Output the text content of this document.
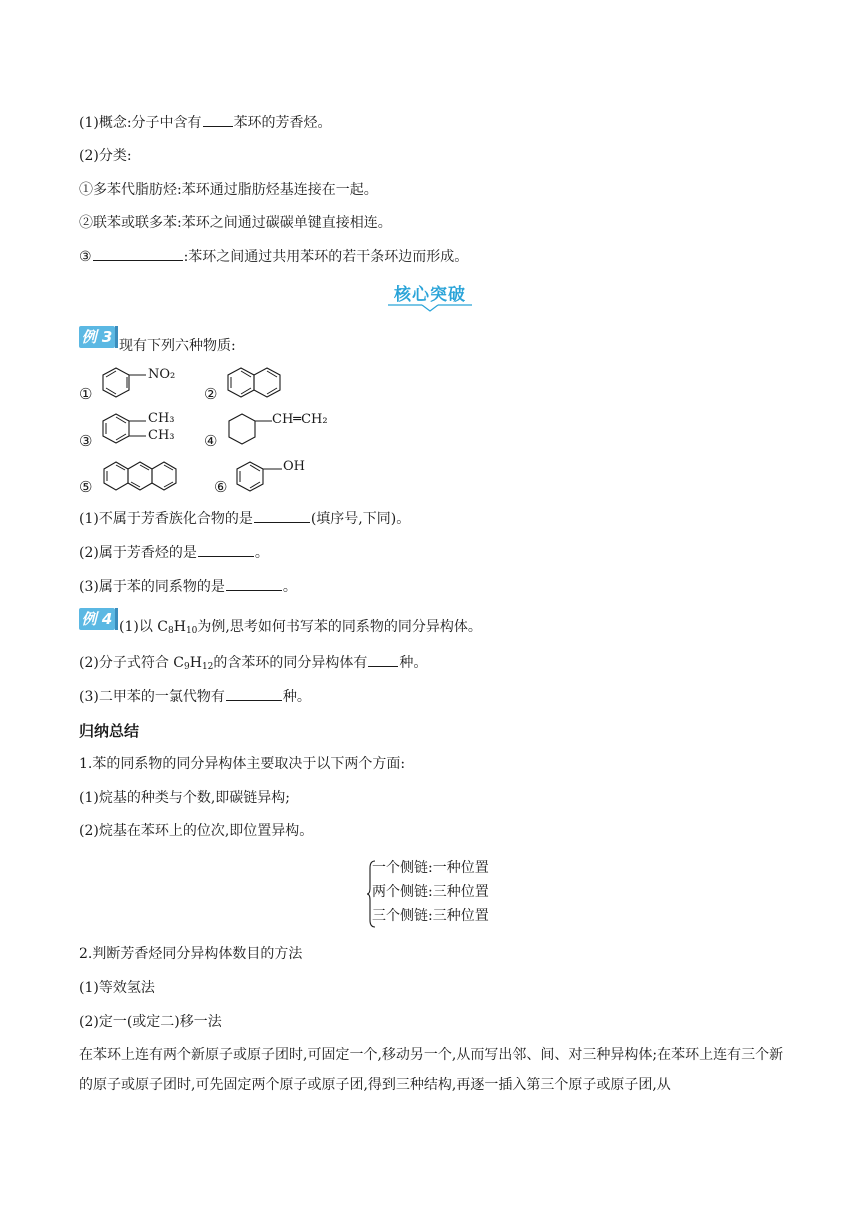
(1)概念:分子中含有 苯环的芳香烃。
(2)分类:
①多苯代脂肪烃:苯环通过脂肪烃基连接在一起。
②联苯或联多苯:苯环之间通过碳碳单键直接相连。
③	:苯环之间通过共用苯环的若干条环边而形成。
核心突破
例 3 现有下列六种物质:
①
NO₂
②
③
CH₃
CH₃ ④
CH═CH₂
⑤	⑥
OH
(1)不属于芳香族化合物的是	(填序号,下同)。
(2)属于芳香烃的是	。
(3)属于苯的同系物的是	。
例 4 (1)以 $C_8H_{10}$为例,思考如何书写苯的同系物的同分异构体。
(2)分子式符合 $C_9H_{12}$的含苯环的同分异构体有 种。
(3)二甲苯的一氯代物有	种。
归纳总结
1.苯的同系物的同分异构体主要取决于以下两个方面:
(1)烷基的种类与个数,即碳链异构;
(2)烷基在苯环上的位次,即位置异构。
一个侧链:一种位置
两个侧链:三种位置
三个侧链:三种位置
2.判断芳香烃同分异构体数目的方法
(1)等效氢法
(2)定一(或定二)移一法
在苯环上连有两个新原子或原子团时,可固定一个,移动另一个,从而写出邻、间、对三种异构体;在苯环上连有三个新的原子或原子团时,可先固定两个原子或原子团,得到三种结构,再逐一插入第三个原子或原子团,从
